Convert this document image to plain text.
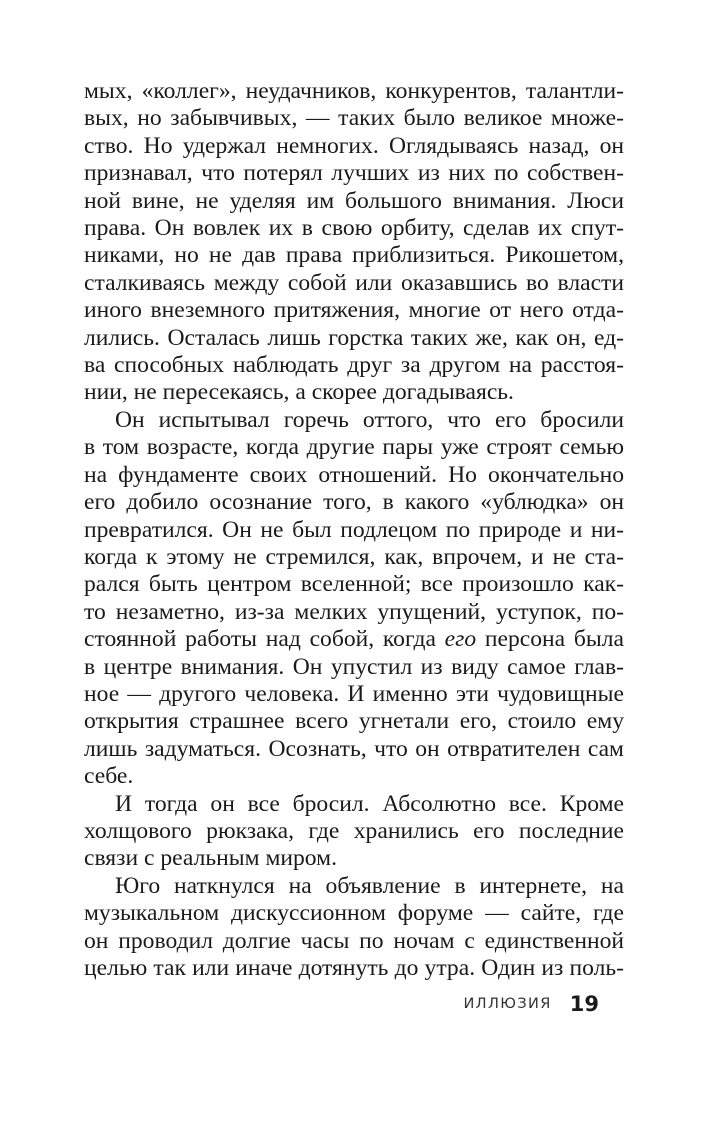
мых, «коллег», неудачников, конкурентов, талантли-
вых, но забывчивых, — таких было великое множе-
ство. Но удержал немногих. Оглядываясь назад, он
признавал, что потерял лучших из них по собствен-
ной вине, не уделяя им большого внимания. Люси
права. Он вовлек их в свою орбиту, сделав их спут-
никами, но не дав права приблизиться. Рикошетом,
сталкиваясь между собой или оказавшись во власти
иного внеземного притяжения, многие от него отда-
лились. Осталась лишь горстка таких же, как он, ед-
ва способных наблюдать друг за другом на расстоя-
нии, не пересекаясь, а скорее догадываясь.
Он испытывал горечь оттого, что его бросили
в том возрасте, когда другие пары уже строят семью
на фундаменте своих отношений. Но окончательно
его добило осознание того, в какого «ублюдка» он
превратился. Он не был подлецом по природе и ни-
когда к этому не стремился, как, впрочем, и не ста-
рался быть центром вселенной; все произошло как-
то незаметно, из-за мелких упущений, уступок, по-
стоянной работы над собой, когда его персона была
в центре внимания. Он упустил из виду самое глав-
ное — другого человека. И именно эти чудовищные
открытия страшнее всего угнетали его, стоило ему
лишь задуматься. Осознать, что он отвратителен сам
себе.
И тогда он все бросил. Абсолютно все. Кроме
холщового рюкзака, где хранились его последние
связи с реальным миром.
Юго наткнулся на объявление в интернете, на
музыкальном дискуссионном форуме — сайте, где
он проводил долгие часы по ночам с единственной
целью так или иначе дотянуть до утра. Один из поль-
ИЛЛЮЗИЯ 19
